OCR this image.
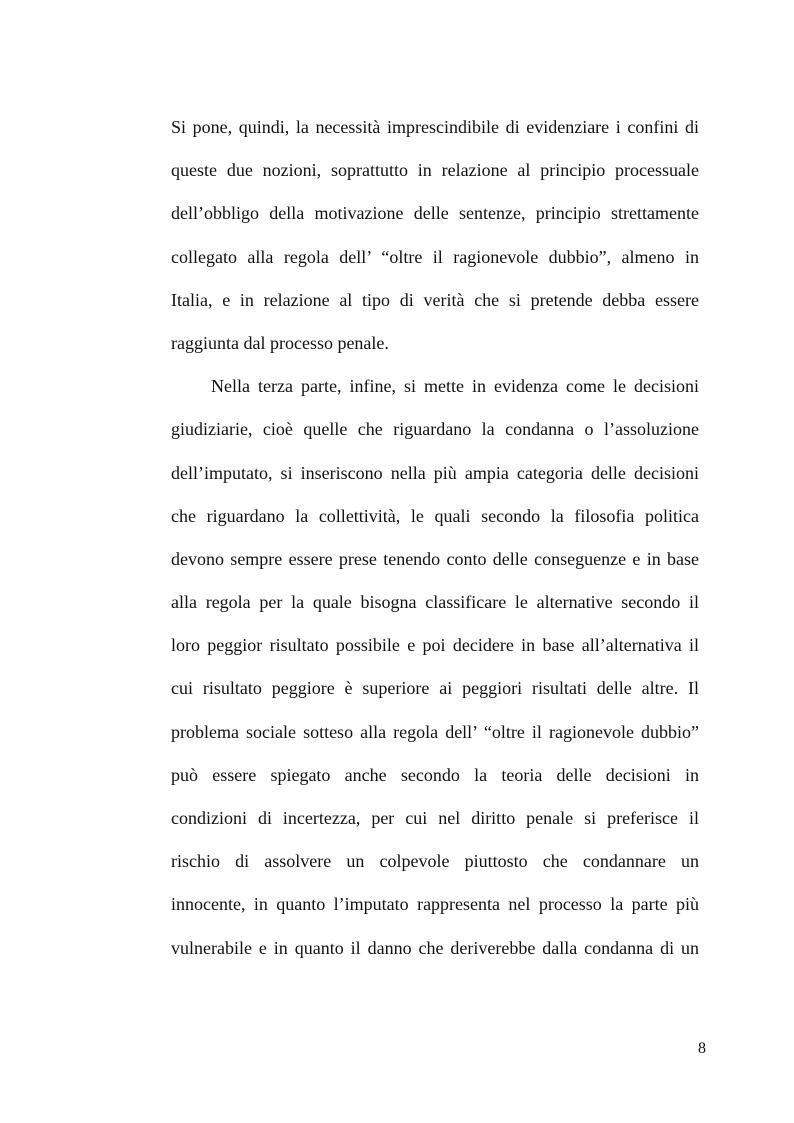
Si pone, quindi, la necessità imprescindibile di evidenziare i confini di
queste due nozioni, soprattutto in relazione al principio processuale
dell’obbligo della motivazione delle sentenze, principio strettamente
collegato alla regola dell’ “oltre il ragionevole dubbio”, almeno in
Italia, e in relazione al tipo di verità che si pretende debba essere
raggiunta dal processo penale.
Nella terza parte, infine, si mette in evidenza come le decisioni
giudiziarie, cioè quelle che riguardano la condanna o l’assoluzione
dell’imputato, si inseriscono nella più ampia categoria delle decisioni
che riguardano la collettività, le quali secondo la filosofia politica
devono sempre essere prese tenendo conto delle conseguenze e in base
alla regola per la quale bisogna classificare le alternative secondo il
loro peggior risultato possibile e poi decidere in base all’alternativa il
cui risultato peggiore è superiore ai peggiori risultati delle altre. Il
problema sociale sotteso alla regola dell’ “oltre il ragionevole dubbio”
può essere spiegato anche secondo la teoria delle decisioni in
condizioni di incertezza, per cui nel diritto penale si preferisce il
rischio di assolvere un colpevole piuttosto che condannare un
innocente, in quanto l’imputato rappresenta nel processo la parte più
vulnerabile e in quanto il danno che deriverebbe dalla condanna di un
8
